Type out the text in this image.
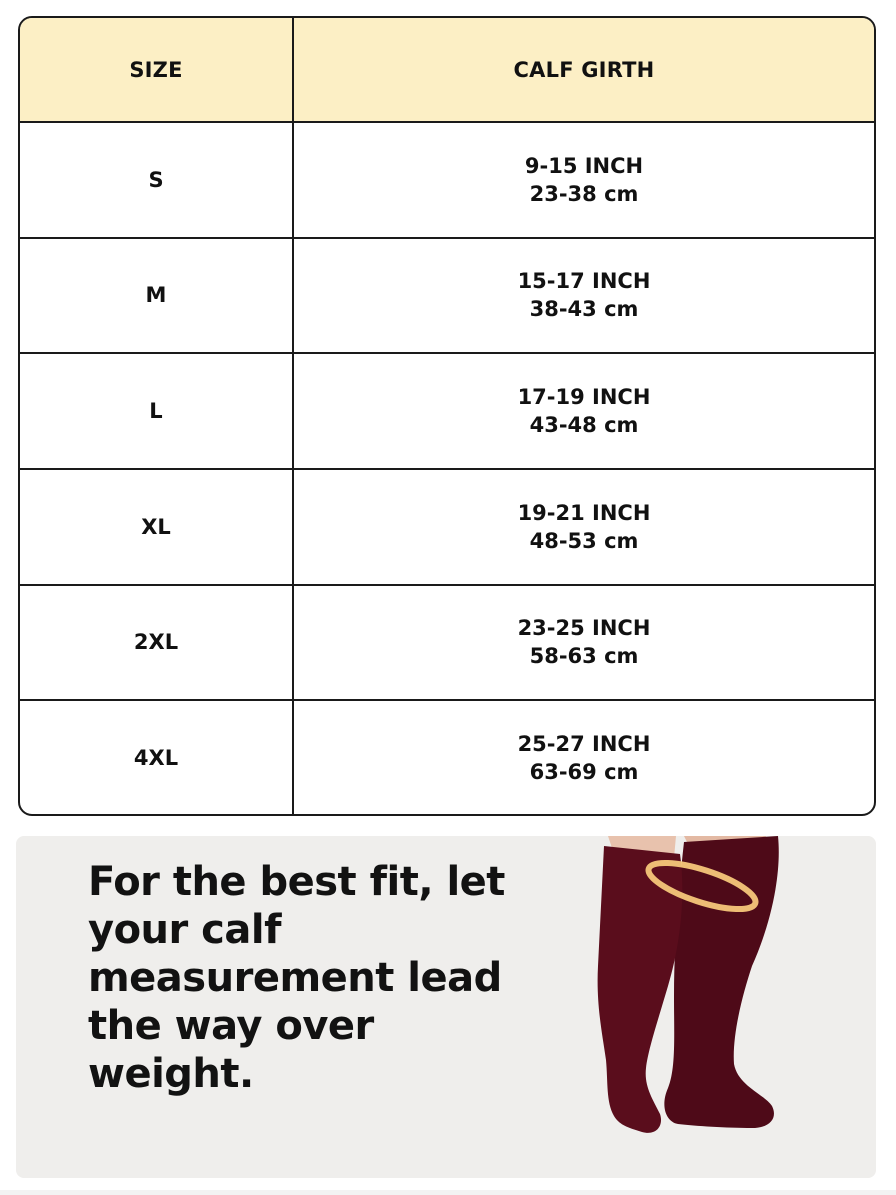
SIZE	CALF GIRTH
S	9-15 INCH
23-38 cm

M	15-17 INCH
38-43 cm

L	17-19 INCH
43-48 cm

XL	19-21 INCH
48-53 cm

2XL	23-25 INCH
58-63 cm

4XL	25-27 INCH
63-69 cm
For the best fit, let your calf measurement lead the way over weight.
